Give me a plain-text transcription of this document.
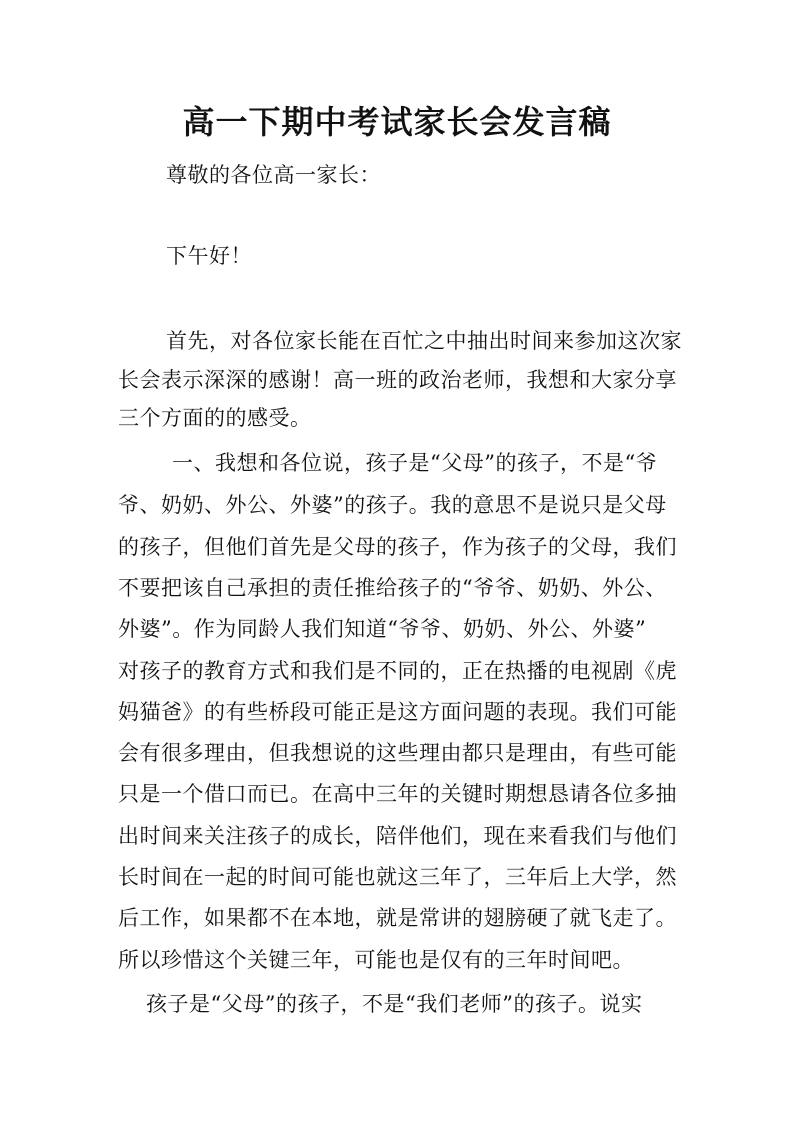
高一下期中考试家长会发言稿
尊敬的各位高一家长：
下午好！
首先，对各位家长能在百忙之中抽出时间来参加这次家
长会表示深深的感谢！高一班的政治老师，我想和大家分享
三个方面的的感受。
一、我想和各位说，孩子是“父母”的孩子，不是“爷
爷、奶奶、外公、外婆”的孩子。我的意思不是说只是父母
的孩子，但他们首先是父母的孩子，作为孩子的父母，我们
不要把该自己承担的责任推给孩子的“爷爷、奶奶、外公、
外婆”。作为同龄人我们知道“爷爷、奶奶、外公、外婆”
对孩子的教育方式和我们是不同的，正在热播的电视剧《虎
妈猫爸》的有些桥段可能正是这方面问题的表现。我们可能
会有很多理由，但我想说的这些理由都只是理由，有些可能
只是一个借口而已。在高中三年的关键时期想恳请各位多抽
出时间来关注孩子的成长，陪伴他们，现在来看我们与他们
长时间在一起的时间可能也就这三年了，三年后上大学，然
后工作，如果都不在本地，就是常讲的翅膀硬了就飞走了。
所以珍惜这个关键三年，可能也是仅有的三年时间吧。
孩子是“父母”的孩子，不是“我们老师”的孩子。说实
